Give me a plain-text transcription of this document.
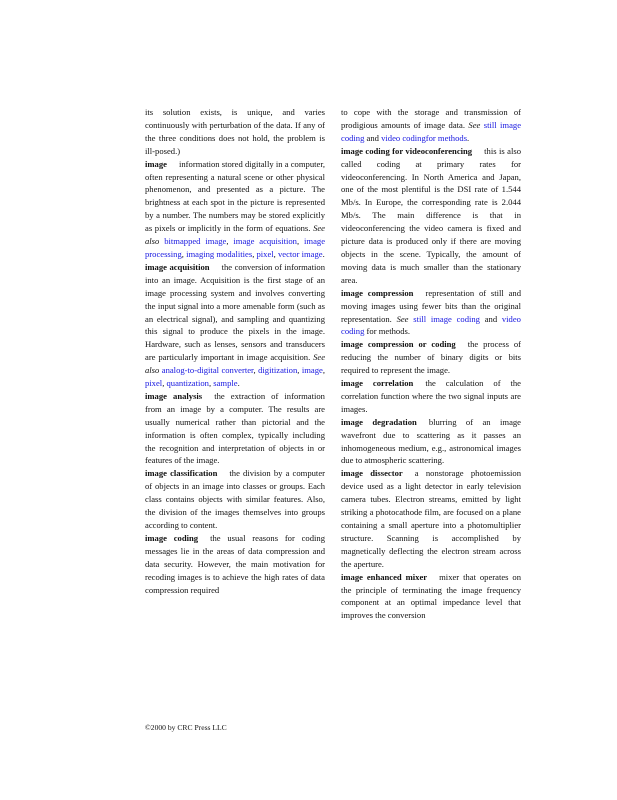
its solution exists, is unique, and varies continuously with perturbation of the data. If any of the three conditions does not hold, the problem is ill-posed.)

image information stored digitally in a computer, often representing a natural scene or other physical phenomenon, and presented as a picture. The brightness at each spot in the picture is represented by a number. The numbers may be stored explicitly as pixels or implicitly in the form of equations. See also bitmapped image, image acquisition, image processing, imaging modalities, pixel, vector image.

image acquisition the conversion of information into an image. Acquisition is the first stage of an image processing system and involves converting the input signal into a more amenable form (such as an electrical signal), and sampling and quantizing this signal to produce the pixels in the image. Hardware, such as lenses, sensors and transducers are particularly important in image acquisition. See also analog-to-digital converter, digitization, image, pixel, quantization, sample.

image analysis the extraction of information from an image by a computer. The results are usually numerical rather than pictorial and the information is often complex, typically including the recognition and interpretation of objects in or features of the image.

image classification the division by a computer of objects in an image into classes or groups. Each class contains objects with similar features. Also, the division of the images themselves into groups according to content.

image coding the usual reasons for coding messages lie in the areas of data compression and data security. However, the main motivation for recoding images is to achieve the high rates of data compression required

to cope with the storage and transmission of prodigious amounts of image data. See still image coding and video codingfor methods.

image coding for videoconferencing this is also called coding at primary rates for videoconferencing. In North America and Japan, one of the most plentiful is the DSI rate of 1.544 Mb/s. In Europe, the corresponding rate is 2.044 Mb/s. The main difference is that in videoconferencing the video camera is fixed and picture data is produced only if there are moving objects in the scene. Typically, the amount of moving data is much smaller than the stationary area.

image compression representation of still and moving images using fewer bits than the original representation. See still image coding and video coding for methods.

image compression or coding the process of reducing the number of binary digits or bits required to represent the image.

image correlation the calculation of the correlation function where the two signal inputs are images.

image degradation blurring of an image wavefront due to scattering as it passes an inhomogeneous medium, e.g., astronomical images due to atmospheric scattering.

image dissector a nonstorage photoemission device used as a light detector in early television camera tubes. Electron streams, emitted by light striking a photocathode film, are focused on a plane containing a small aperture into a photomultiplier structure. Scanning is accomplished by magnetically deflecting the electron stream across the aperture.

image enhanced mixer mixer that operates on the principle of terminating the image frequency component at an optimal impedance level that improves the conversion

©2000 by CRC Press LLC
